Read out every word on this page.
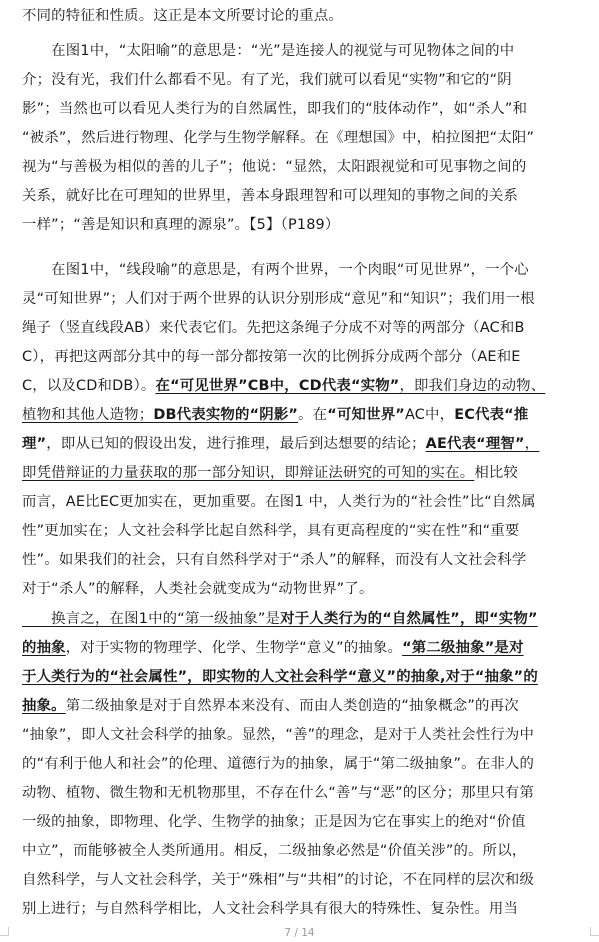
不同的特征和性质。这正是本文所要讨论的重点。
　　在图1中，“太阳喻”的意思是：“光”是连接人的视觉与可见物体之间的中
介；没有光，我们什么都看不见。有了光，我们就可以看见“实物”和它的“阴
影”；当然也可以看见人类行为的自然属性，即我们的“肢体动作”，如“杀人”和
“被杀”，然后进行物理、化学与生物学解释。在《理想国》中，柏拉图把“太阳”
视为“与善极为相似的善的儿子”；他说：“显然，太阳跟视觉和可见事物之间的
关系，就好比在可理知的世界里，善本身跟理智和可以理知的事物之间的关系
一样”；“善是知识和真理的源泉”。【5】（P189）
　　在图1中，“线段喻”的意思是，有两个世界，一个肉眼“可见世界”，一个心
灵“可知世界”；人们对于两个世界的认识分别形成“意见”和“知识”；我们用一根
绳子（竖直线段AB）来代表它们。先把这条绳子分成不对等的两部分（AC和B
C），再把这两部分其中的每一部分都按第一次的比例拆分成两个部分（AE和E
C，以及CD和DB）。在“可见世界”CB中，CD代表“实物”，即我们身边的动物、
植物和其他人造物；DB代表实物的“阴影”。在“可知世界”AC中，EC代表“推
理”，即从已知的假设出发，进行推理，最后到达想要的结论；AE代表“理智”，
即凭借辩证的力量获取的那一部分知识，即辩证法研究的可知的实在。相比较
而言，AE比EC更加实在，更加重要。在图1 中，人类行为的“社会性”比“自然属
性”更加实在；人文社会科学比起自然科学，具有更高程度的“实在性”和“重要
性”。如果我们的社会，只有自然科学对于“杀人”的解释，而没有人文社会科学
对于“杀人”的解释，人类社会就变成为“动物世界”了。
　　换言之，在图1中的“第一级抽象”是对于人类行为的“自然属性”，即“实物”
的抽象，对于实物的物理学、化学、生物学“意义”的抽象。“第二级抽象”是对
于人类行为的“社会属性”，即实物的人文社会科学“意义”的抽象,对于“抽象”的
抽象。第二级抽象是对于自然界本来没有、而由人类创造的“抽象概念”的再次
“抽象”，即人文社会科学的抽象。显然，“善”的理念，是对于人类社会性行为中
的“有利于他人和社会”的伦理、道德行为的抽象，属于“第二级抽象”。在非人的
动物、植物、微生物和无机物那里，不存在什么“善”与“恶”的区分；那里只有第
一级的抽象，即物理、化学、生物学的抽象；正是因为它在事实上的绝对“价值
中立”，而能够被全人类所通用。相反，二级抽象必然是“价值关涉”的。所以，
自然科学，与人文社会科学，关于“殊相”与“共相”的讨论，不在同样的层次和级
别上进行；与自然科学相比，人文社会科学具有很大的特殊性、复杂性。用当
7 / 14
